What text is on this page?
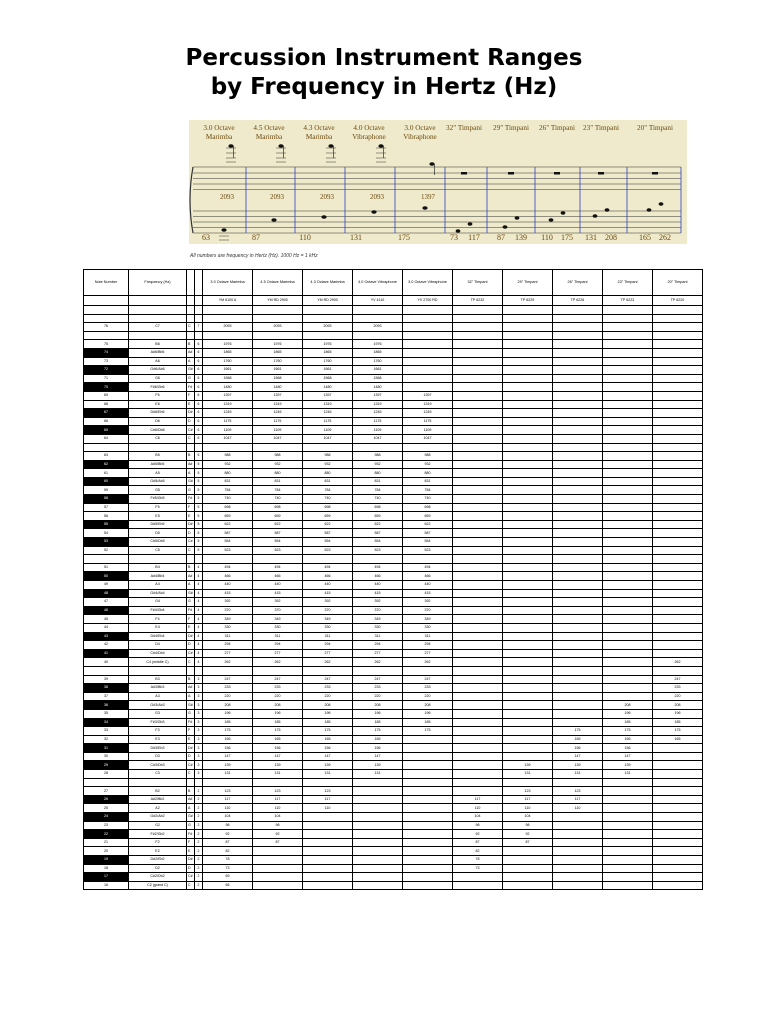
Percussion Instrument Ranges
by Frequency in Hertz (Hz)
3.0 Octave
Marimba
2093
63
4.5 Octave
Marimba
2093
87
4.3 Octave
Marimba
2093
110
4.0 Octave
Vibraphone
2093
131
3.0 Octave
Vibraphone
1397
175
32" Timpani
73 117
29" Timpani
87 139
26" Timpani
110 175
23" Timpani
131 208
20" Timpani
165 262
All numbers are frequency in Hertz (Hz). 1000 Hz = 1 kHz
Note Number	Frequency (Hz)			3.0 Octave Marimba	4.5 Octave Marimba	4.3 Octave Marimba	4.0 Octave Vibraphone	3.0 Octave Vibraphone	32" Timpani	29" Timpani	26" Timpani	23" Timpani	20" Timpani
				YM 6100 A	YM RD 2900	YM RD 2900	YV 4110	YV 2700 RD	TP 6232	TP 6229	TP 6226	TP 6223	TP 6220

76	C7	C	7	2093	2093	2093	2093						

75	B6	B	6	1976	1976	1976	1976						
74	A#6/Bb6	A#	6	1865	1865	1865	1865						
73	A6	A	6	1760	1760	1760	1760						
72	G#6/Ab6	G#	6	1661	1661	1661	1661						
71	G6	G	6	1568	1568	1568	1568						
70	F#6/Gb6	F#	6	1480	1480	1480	1480						
69	F6	F	6	1397	1397	1397	1397	1397					
68	E6	E	6	1319	1319	1319	1319	1319					
67	D#6/Eb6	D#	6	1245	1245	1245	1245	1245					
66	D6	D	6	1175	1175	1175	1175	1175					
65	C#6/Db6	C#	6	1109	1109	1109	1109	1109					
64	C6	C	6	1047	1047	1047	1047	1047					

63	B5	B	5	988	988	988	988	988					
62	A#5/Bb5	A#	5	932	932	932	932	932					
61	A5	A	5	880	880	880	880	880					
60	G#5/Ab5	G#	5	831	831	831	831	831					
59	G5	G	5	784	784	784	784	784					
58	F#5/Gb5	F#	5	740	740	740	740	740					
57	F5	F	5	698	698	698	698	698					
56	E5	E	5	659	659	659	659	659					
55	D#5/Eb5	D#	5	622	622	622	622	622					
54	D5	D	5	587	587	587	587	587					
53	C#5/Db5	C#	5	554	554	554	554	554					
52	C5	C	5	523	523	523	523	523					

51	B4	B	4	494	494	494	494	494					
50	A#4/Bb4	A#	4	466	466	466	466	466					
49	A4	A	4	440	440	440	440	440					
48	G#4/Ab4	G#	4	415	415	415	415	415					
47	G4	G	4	392	392	392	392	392					
46	F#4/Gb4	F#	4	370	370	370	370	370					
45	F4	F	4	349	349	349	349	349					
44	E4	E	4	330	330	330	330	330					
43	D#4/Eb4	D#	4	311	311	311	311	311					
42	D4	D	4	294	294	294	294	294					
41	C#4/Db4	C#	4	277	277	277	277	277					
40	C4 (middle C)	C	4	262	262	262	262	262					262

39	B3	B	3	247	247	247	247	247					247
38	A#3/Bb3	A#	3	233	233	233	233	233					233
37	A3	A	3	220	220	220	220	220					220
36	G#3/Ab3	G#	3	208	208	208	208	208				208	208
35	G3	G	3	196	196	196	196	196				196	196
34	F#3/Gb3	F#	3	185	185	185	185	185				185	185
33	F3	F	3	175	175	175	175	175			175	175	175
32	E3	E	3	165	165	165	165				165	165	165
31	D#3/Eb3	D#	3	156	156	156	156				156	156	
30	D3	D	3	147	147	147	147				147	147	
29	C#3/Db3	C#	3	139	139	139	139			139	139	139	
28	C3	C	3	131	131	131	131			131	131	131	

27	B2	B	2	123	123	123				123	123		
26	A#2/Bb2	A#	2	117	117	117			117	117	117		
25	A2	A	2	110	110	110			110	110	110		
24	G#2/Ab2	G#	2	104	104				104	104			
23	G2	G	2	98	98				98	98			
22	F#2/Gb2	F#	2	92	92				92	92			
21	F2	F	2	87	87				87	87			
20	E2	E	2	82					82				
19	D#2/Eb2	D#	2	78					78				
18	D2	D	2	73					73				
17	C#2/Db2	C#	2	69									
16	C2 (grand C)	C	2	65									
